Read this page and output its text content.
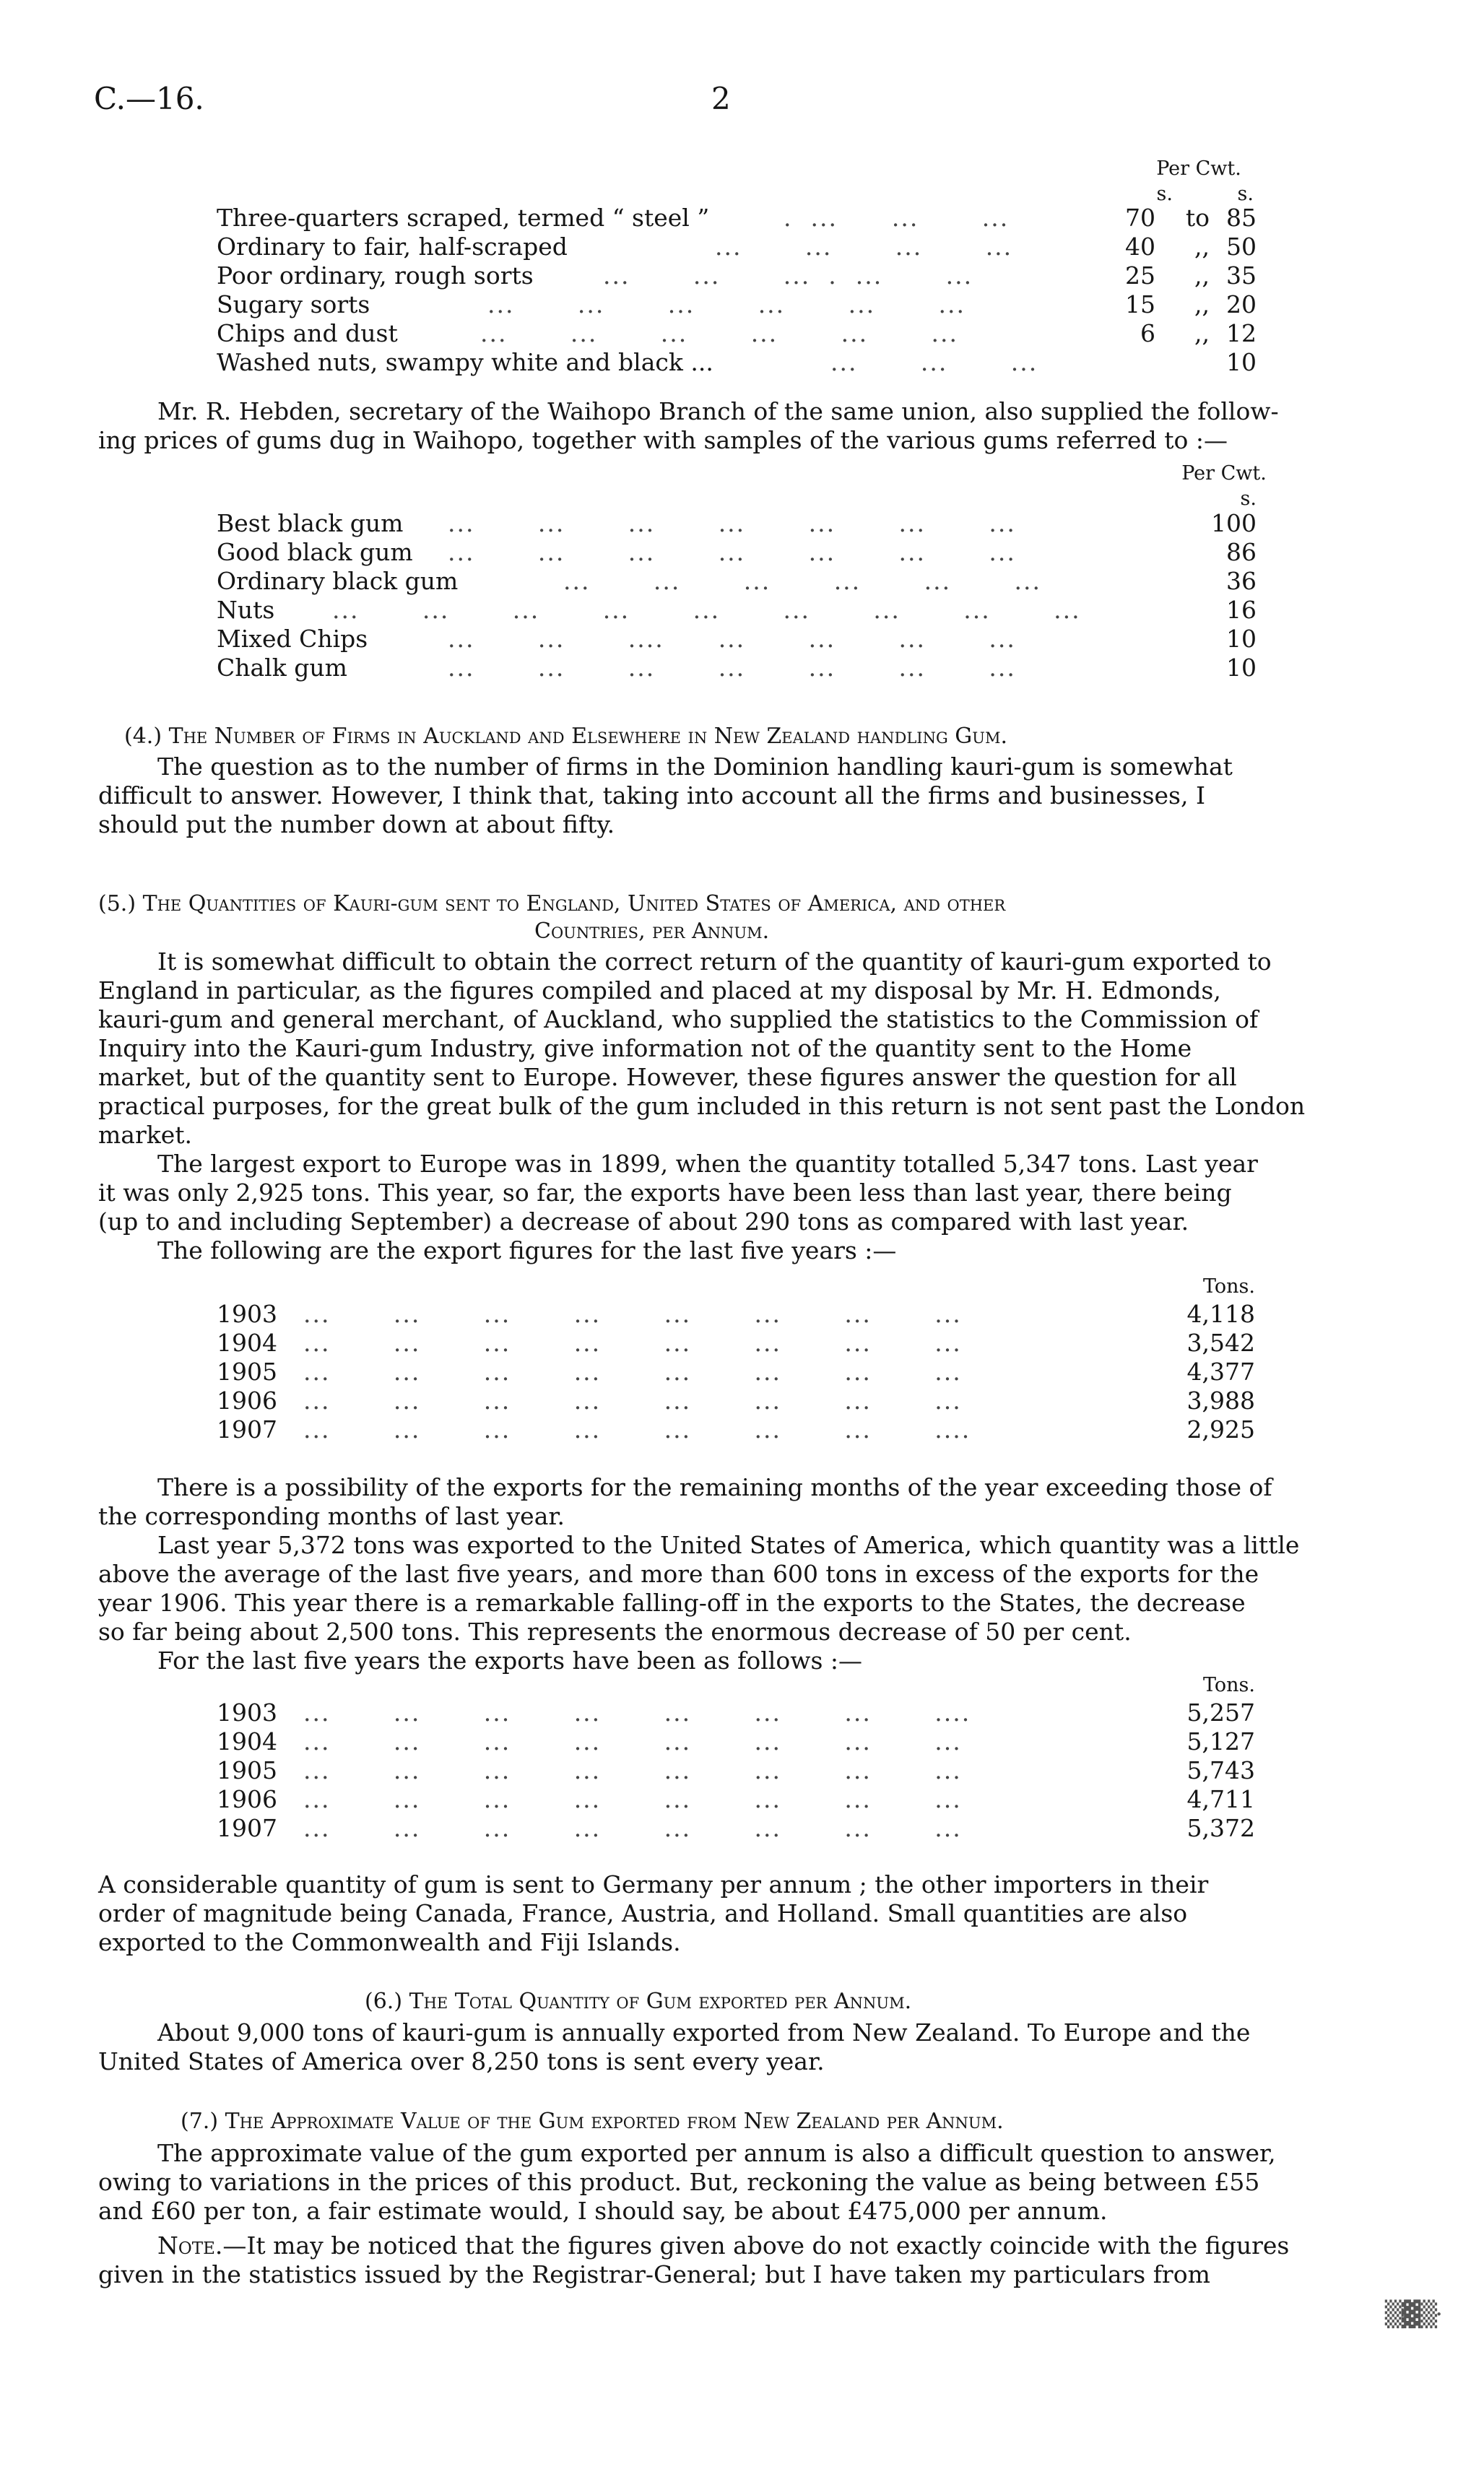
C.—16.	2
Per Cwt.
s.	s.
Three-quarters scraped, termed “ steel ”	.  ...      ...       ...	70	to 85
Ordinary to fair, half-scraped	...       ...       ...       ...	40	,, 50
Poor ordinary, rough sorts	...       ...       ...  .  ...       ...	25	,, 35
Sugary sorts	...       ...       ...       ...       ...       ...	15	,, 20
Chips and dust	...       ...       ...       ...       ...       ...	6	,, 12
Washed nuts, swampy white and black ...	...       ...       ...	10
Mr. R. Hebden, secretary of the Waihopo Branch of the same union, also supplied the follow-
ing prices of gums dug in Waihopo, together with samples of the various gums referred to :—
Per Cwt.
s.
Best black gum ...       ...       ...       ...       ...       ...       ...	100
Good black gum ...       ...       ...       ...       ...       ...       ...	86
Ordinary black gum	...       ...       ...       ...       ...       ...	36
Nuts ...       ...       ...       ...       ...       ...       ...       ...       ...	16
Mixed Chips	...       ...       ....      ...       ...       ...       ...	10
Chalk gum	...       ...       ...       ...       ...       ...       ...	10
(4.) The Number of Firms in Auckland and Elsewhere in New Zealand handling Gum.
The question as to the number of firms in the Dominion handling kauri-gum is somewhat
difficult to answer. However, I think that, taking into account all the firms and businesses, I
should put the number down at about fifty.
(5.) The Quantities of Kauri-gum sent to England, United States of America, and other
Countries, per Annum.
It is somewhat difficult to obtain the correct return of the quantity of kauri-gum exported to
England in particular, as the figures compiled and placed at my disposal by Mr. H. Edmonds,
kauri-gum and general merchant, of Auckland, who supplied the statistics to the Commission of
Inquiry into the Kauri-gum Industry, give information not of the quantity sent to the Home
market, but of the quantity sent to Europe. However, these figures answer the question for all
practical purposes, for the great bulk of the gum included in this return is not sent past the London
market.
The largest export to Europe was in 1899, when the quantity totalled 5,347 tons. Last year
it was only 2,925 tons. This year, so far, the exports have been less than last year, there being
(up to and including September) a decrease of about 290 tons as compared with last year.
The following are the export figures for the last five years :—
Tons.
1903 ...       ...       ...       ...       ...       ...       ...       ...	4,118
1904 ...       ...       ...       ...       ...       ...       ...       ...	3,542
1905 ...       ...       ...       ...       ...       ...       ...       ...	4,377
1906 ...       ...       ...       ...       ...       ...       ...       ...	3,988
1907 ...       ...       ...       ...       ...       ...       ...       ....	2,925
There is a possibility of the exports for the remaining months of the year exceeding those of
the corresponding months of last year.
Last year 5,372 tons was exported to the United States of America, which quantity was a little
above the average of the last five years, and more than 600 tons in excess of the exports for the
year 1906. This year there is a remarkable falling-off in the exports to the States, the decrease
so far being about 2,500 tons. This represents the enormous decrease of 50 per cent.
For the last five years the exports have been as follows :—
Tons.
1903 ...       ...       ...       ...       ...       ...       ...       ....	5,257
1904 ...       ...       ...       ...       ...       ...       ...       ...	5,127
1905 ...       ...       ...       ...       ...       ...       ...       ...	5,743
1906 ...       ...       ...       ...       ...       ...       ...       ...	4,711
1907 ...       ...       ...       ...       ...       ...       ...       ...	5,372
A considerable quantity of gum is sent to Germany per annum ; the other importers in their
order of magnitude being Canada, France, Austria, and Holland. Small quantities are also
exported to the Commonwealth and Fiji Islands.
(6.) The Total Quantity of Gum exported per Annum.
About 9,000 tons of kauri-gum is annually exported from New Zealand. To Europe and the
United States of America over 8,250 tons is sent every year.
(7.) The Approximate Value of the Gum exported from New Zealand per Annum.
The approximate value of the gum exported per annum is also a difficult question to answer,
owing to variations in the prices of this product. But, reckoning the value as being between £55
and £60 per ton, a fair estimate would, I should say, be about £475,000 per annum.
Note.—It may be noticed that the figures given above do not exactly coincide with the figures
given in the statistics issued by the Registrar-General; but I have taken my particulars from
▒▓▒·
